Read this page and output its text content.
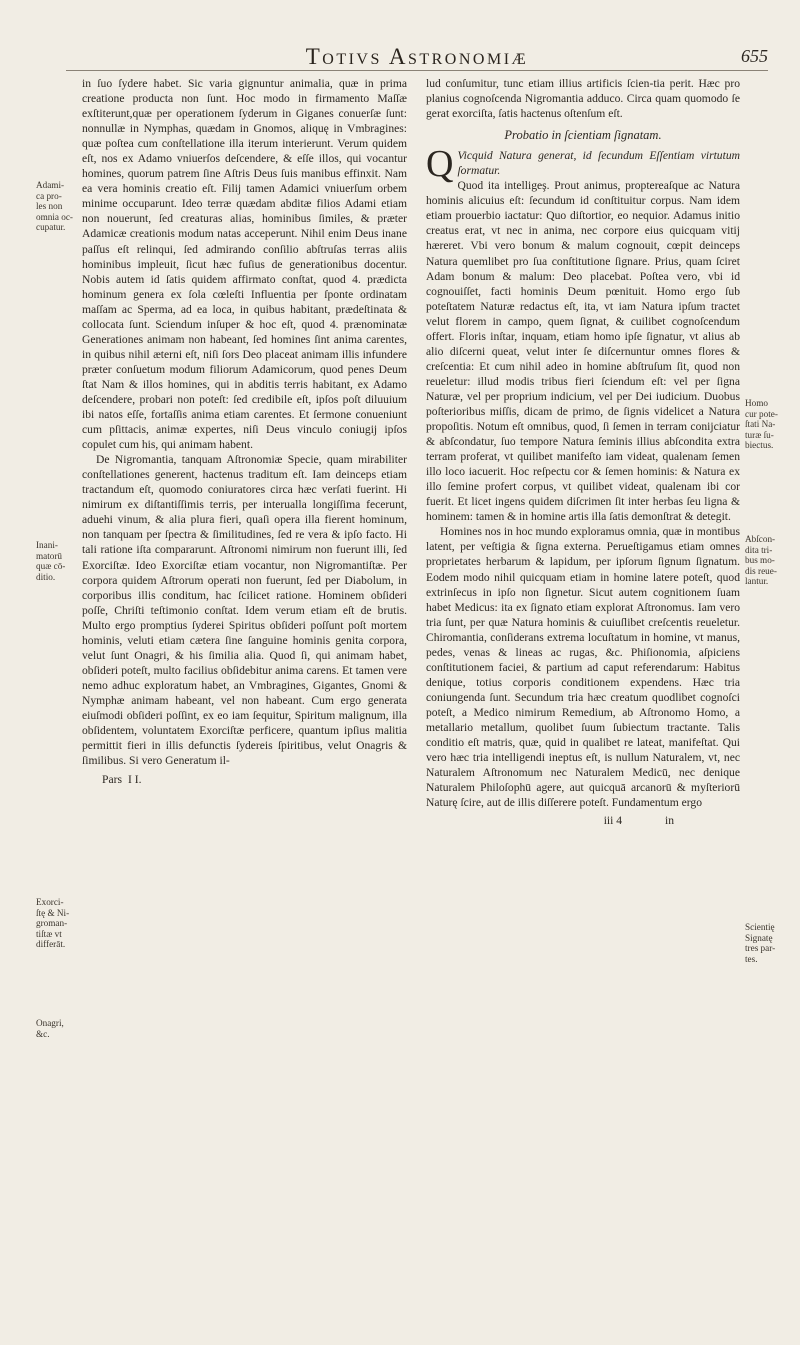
Totivs Astronomiæ	655
Adami-
ca pro-
les non
omnia oc-
cupatur.
Inani-
matorū
quæ cō-
ditio.
Exorci-
ſtę & Ni-
groman-
tiſtæ vt
differāt.
Onagri,
&c.
Homo
cur pote-
ſtati Na-
turæ ſu-
biectus.
Abſcon-
dita tri-
bus mo-
dis reue-
lantur.
Scientię
Signatę
tres par-
tes.

in ſuo ſydere habet. Sic varia gignuntur animalia, quæ in prima creatione producta non ſunt. Hoc modo in firmamento Maſſæ exſtiterunt,quæ per operationem ſyderum in Giganes conuerſæ ſunt: nonnullæ in Nymphas, quædam in Gnomos, aliquę in Vmbragines: quæ poſtea cum conſtellatione illa iterum interierunt. Verum quidem eſt, nos ex Adamo vniuerſos deſcendere, & eſſe illos, qui vocantur homines, quorum patrem ſine Aſtris Deus ſuis manibus effinxit. Nam ea vera hominis creatio eſt. Filij tamen Adamici vniuerſum orbem minime occuparunt. Ideo terræ quædam abditæ filios Adami etiam non nouerunt, ſed creaturas alias, hominibus ſimiles, & præter Adamicæ creationis modum natas acceperunt. Nihil enim Deus inane paſſus eſt relinqui, ſed admirando conſilio abſtruſas terras aliis hominibus impleuit, ſicut hæc fuſius de generationibus docentur. Nobis autem id ſatis quidem affirmato conſtat, quod 4. prædicta hominum genera ex ſola cœleſti Influentia per ſponte ordinatam maſſam ac Sperma, ad ea loca, in quibus habitant, prædeſtinata & collocata ſunt. Sciendum inſuper & hoc eſt, quod 4. prænominatæ Generationes animam non habeant, ſed homines ſint anima carentes, in quibus nihil æterni eſt, niſi ſors Deo placeat animam illis infundere præter conſuetum modum filiorum Adamicorum, quod penes Deum ſtat Nam & illos homines, qui in abditis terris habitant, ex Adamo deſcendere, probari non poteſt: ſed credibile eſt, ipſos poſt diluuium ibi natos eſſe, fortaſſis anima etiam carentes. Et ſermone conueniunt cum pſittacis, animæ expertes, niſi Deus vinculo coniugij ipſos copulet cum his, qui animam habent.

De Nigromantia, tanquam Aſtronomiæ Specie, quam mirabiliter conſtellationes generent, hactenus traditum eſt. Iam deinceps etiam tractandum eſt, quomodo coniuratores circa hæc verſati fuerint. Hi nimirum ex diſtantiſſimis terris, per interualla longiſſima fecerunt, aduehi vinum, & alia plura fieri, quaſi opera illa fierent hominum, non tanquam per ſpectra & ſimilitudines, ſed re vera & ipſo facto. Hi tali ratione iſta compararunt. Aſtronomi nimirum non fuerunt illi, ſed Exorciſtæ. Ideo Exorciſtæ etiam vocantur, non Nigromantiſtæ. Per corpora quidem Aſtrorum operati non fuerunt, ſed per Diabolum, in corporibus illis conditum, hac ſcilicet ratione. Hominem obſideri poſſe, Chriſti teſtimonio conſtat. Idem verum etiam eſt de brutis. Multo ergo promptius ſyderei Spiritus obſideri poſſunt poſt mortem hominis, veluti etiam cætera ſine ſanguine hominis genita corpora, velut ſunt Onagri, & his ſimilia alia. Quod ſi, qui animam habet, obſideri poteſt, multo facilius obſidebitur anima carens. Et tamen vere nemo adhuc exploratum habet, an Vmbragines, Gigantes, Gnomi & Nymphæ animam habeant, vel non habeant. Cum ergo generata eiuſmodi obſideri poſſint, ex eo iam ſequitur, Spiritum malignum, illa obſidentem, voluntatem Exorciſtæ perficere, quantum ipſius malitia permittit fieri in illis defunctis ſydereis ſpiritibus, velut Onagris & ſimilibus. Si vero Generatum il-

Pars I I.

lud conſumitur, tunc etiam illius artificis ſcien-tia perit. Hæc pro planius cognoſcenda Nigromantia adduco. Circa quam quomodo ſe gerat exorciſta, ſatis hactenus oſtenſum eſt.

Probatio in ſcientiam ſignatam.

Q Vicquid Natura generat, id ſecundum Eſſentiam virtutum ſormatur.

Quod ita intelligeş. Prout animus, proptereaſque ac Natura hominis alicuius eſt: ſecundum id conſtituitur corpus. Nam idem etiam prouerbio iactatur: Quo diſtortior, eo nequior. Adamus initio creatus erat, vt nec in anima, nec corpore eius quicquam vitij hæreret. Vbi vero bonum & malum cognouit, cœpit deinceps Natura quemlibet pro ſua conſtitutione ſignare. Prius, quam ſciret Adam bonum & malum: Deo placebat. Poſtea vero, vbi id cognouiſſet, facti hominis Deum pœnituit. Homo ergo ſub poteſtatem Naturæ redactus eſt, ita, vt iam Natura ipſum tractet velut florem in campo, quem ſignat, & cuilibet cognoſcendum offert. Floris inſtar, inquam, etiam homo ipſe ſignatur, vt alius ab alio diſcerni queat, velut inter ſe diſcernuntur omnes flores & creſcentia: Et cum nihil adeo in homine abſtruſum ſit, quod non reueletur: illud modis tribus fieri ſciendum eſt: vel per ſigna Naturæ, vel per proprium indicium, vel per Dei iudicium. Duobus poſterioribus miſſis, dicam de primo, de ſignis videlicet a Natura propoſitis. Notum eſt omnibus, quod, ſi ſemen in terram conijciatur & abſcondatur, ſuo tempore Natura ſeminis illius abſcondita extra terram proferat, vt quilibet manifeſto iam videat, qualenam ſemen illo loco iacuerit. Hoc reſpectu cor & ſemen hominis: & Natura ex illo ſemine profert corpus, vt quilibet videat, qualenam ibi cor fuerit. Et licet ingens quidem diſcrimen ſit inter herbas ſeu ligna & hominem: tamen & in homine artis illa ſatis demonſtrat & detegit.

Homines nos in hoc mundo exploramus omnia, quæ in montibus latent, per veſtigia & ſigna externa. Perueſtigamus etiam omnes proprietates herbarum & lapidum, per ipſorum ſignum ſignatum. Eodem modo nihil quicquam etiam in homine latere poteſt, quod extrinſecus in ipſo non ſignetur. Sicut autem cognitionem ſuam habet Medicus: ita ex ſignato etiam explorat Aſtronomus. Iam vero tria ſunt, per quæ Natura hominis & cuiuſlibet creſcentis reueletur. Chiromantia, conſiderans extrema locuſtatum in homine, vt manus, pedes, venas & lineas ac rugas, &c. Phiſionomia, aſpiciens conſtitutionem faciei, & partium ad caput referendarum: Habitus denique, totius corporis conditionem expendens. Hæc tria coniungenda ſunt. Secundum tria hæc creatum quodlibet cognoſci poteſt, a Medico nimirum Remedium, ab Aſtronomo Homo, a metallario metallum, quolibet ſuum ſubiectum tractante. Talis conditio eſt matris, quæ, quid in qualibet re lateat, manifeſtat. Qui vero hæc tria intelligendi ineptus eſt, is nullum Naturalem, vt, nec Naturalem Aſtronomum nec Naturalem Medicū, nec denique Naturalem Philoſophū agere, aut quicquā arcanorū & myſteriorū Naturę ſcire, aut de illis diſſerere poteſt. Fundamentum ergo

iii 4	in
